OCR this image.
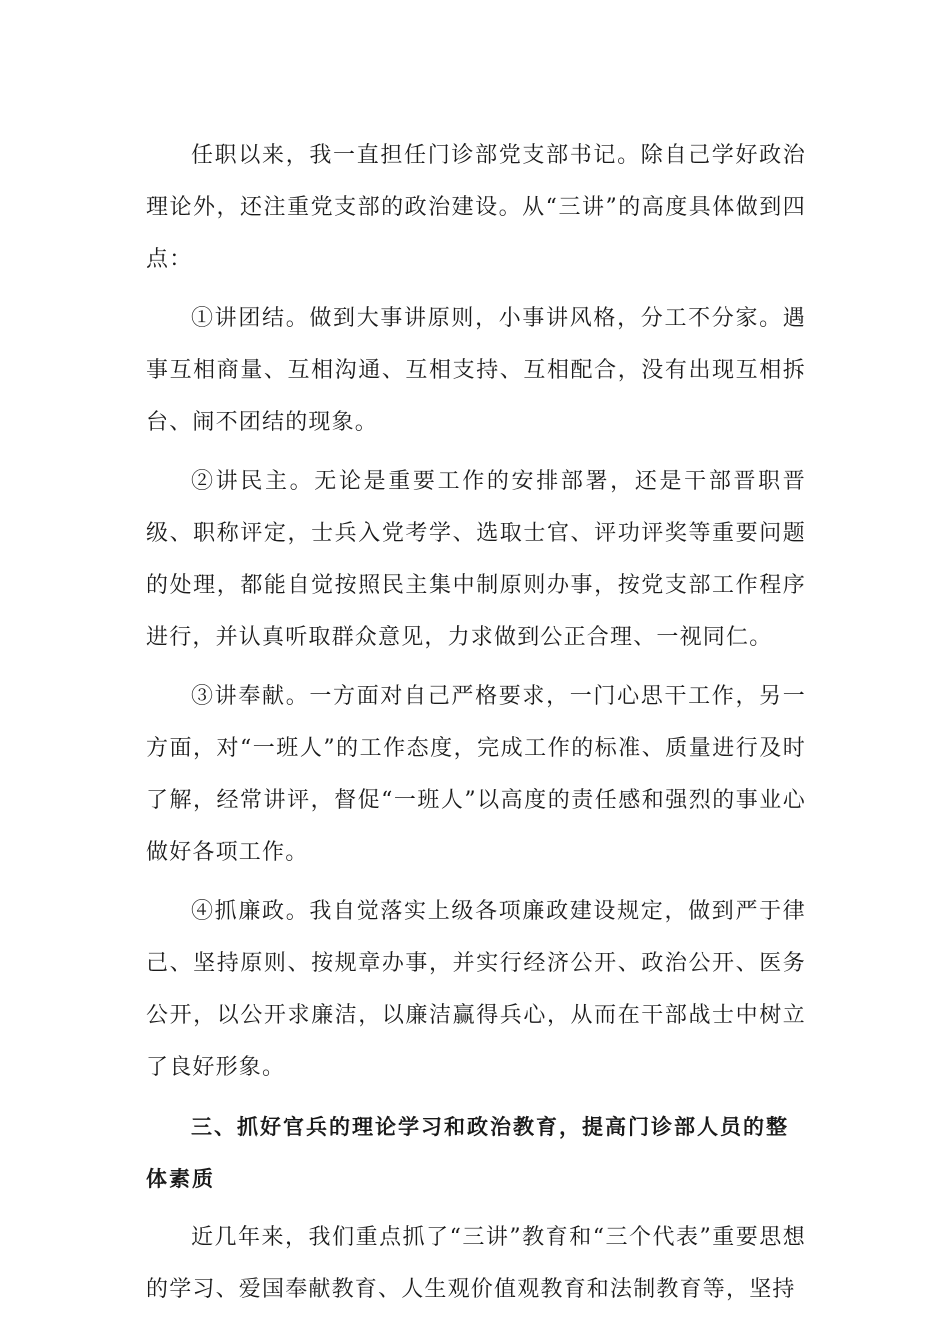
任职以来，我一直担任门诊部党支部书记。除自己学好政治理论外，还注重党支部的政治建设。从“三讲”的高度具体做到四点：

①讲团结。做到大事讲原则，小事讲风格，分工不分家。遇事互相商量、互相沟通、互相支持、互相配合，没有出现互相拆台、闹不团结的现象。

②讲民主。无论是重要工作的安排部署，还是干部晋职晋级、职称评定，士兵入党考学、选取士官、评功评奖等重要问题的处理，都能自觉按照民主集中制原则办事，按党支部工作程序进行，并认真听取群众意见，力求做到公正合理、一视同仁。

③讲奉献。一方面对自己严格要求，一门心思干工作，另一方面，对“一班人”的工作态度，完成工作的标准、质量进行及时了解，经常讲评，督促“一班人”以高度的责任感和强烈的事业心做好各项工作。

④抓廉政。我自觉落实上级各项廉政建设规定，做到严于律己、坚持原则、按规章办事，并实行经济公开、政治公开、医务公开，以公开求廉洁，以廉洁赢得兵心，从而在干部战士中树立了良好形象。

三、抓好官兵的理论学习和政治教育，提高门诊部人员的整体素质

近几年来，我们重点抓了“三讲”教育和“三个代表”重要思想的学习、爱国奉献教育、人生观价值观教育和法制教育等，坚持
